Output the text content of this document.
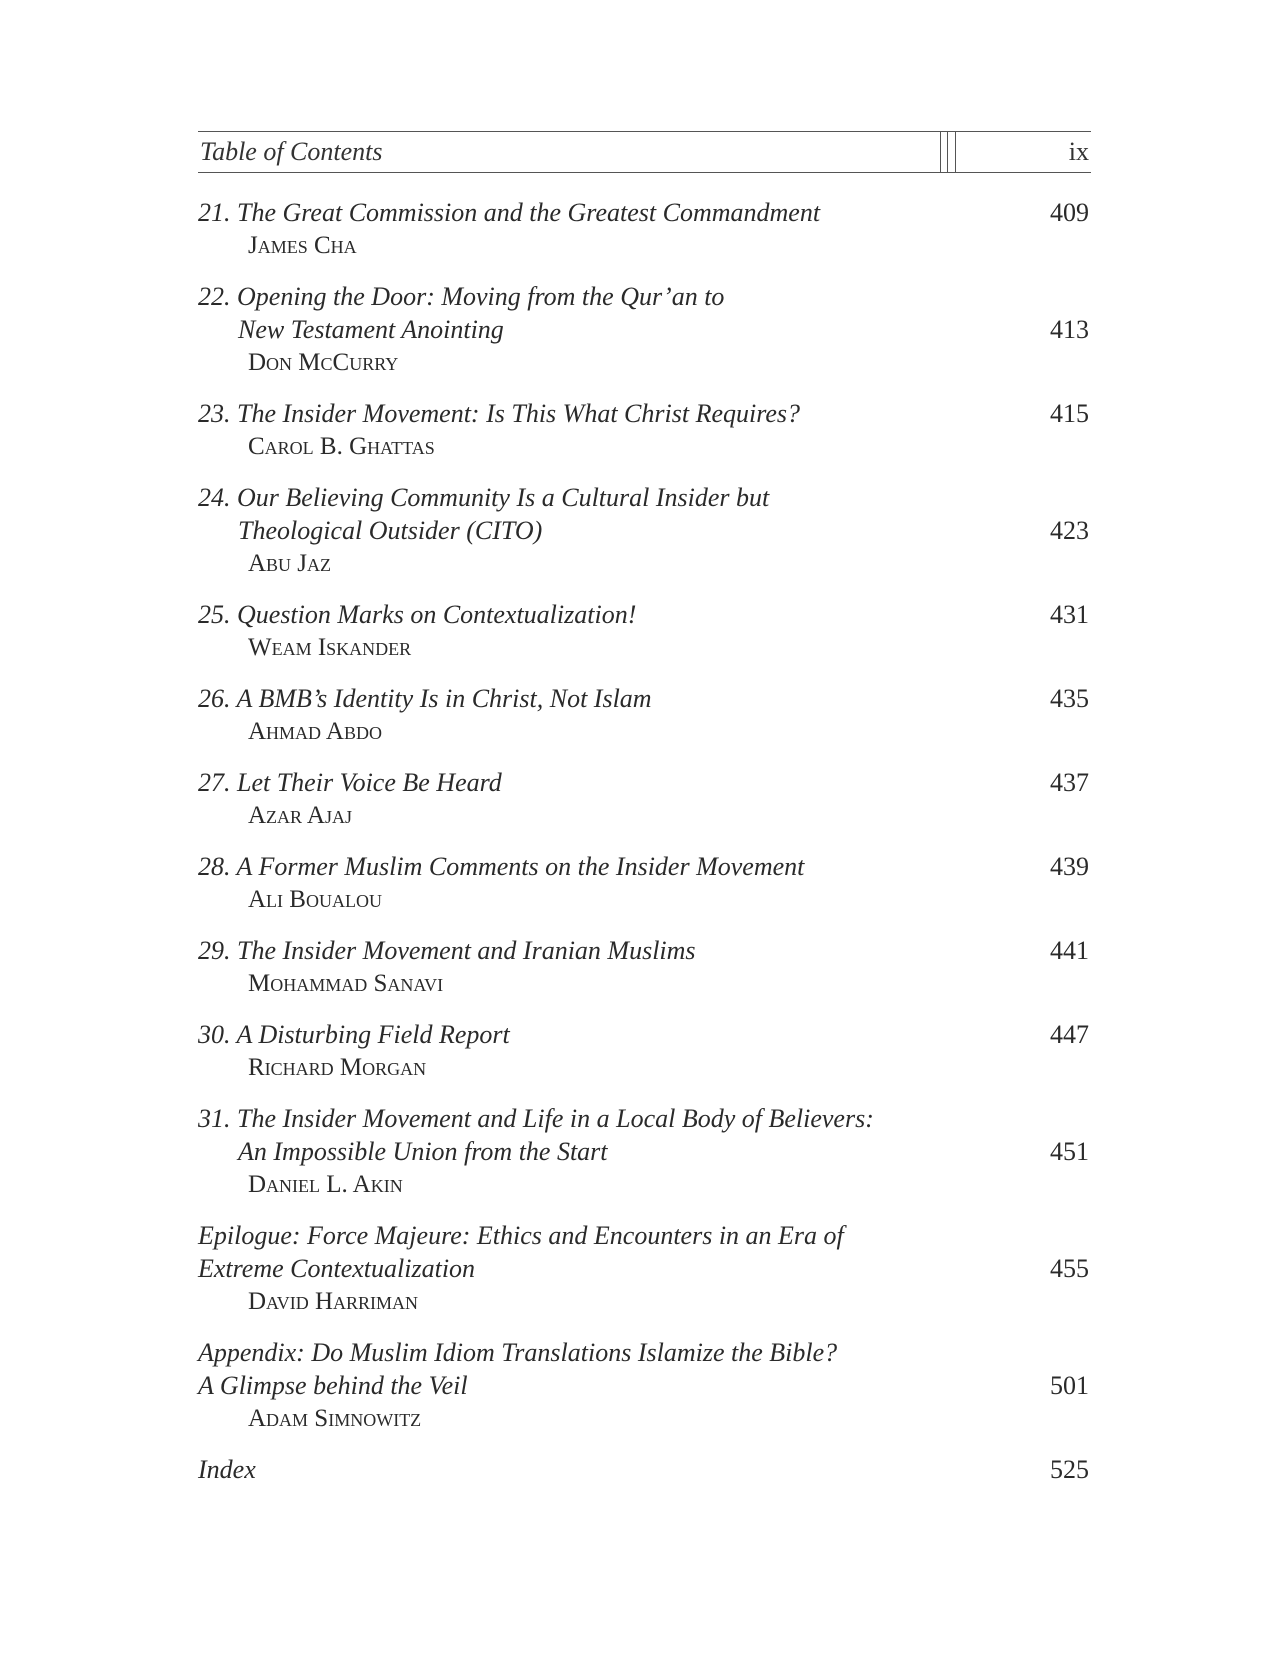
Table of Contents	ix
21. The Great Commission and the Greatest Commandment	409
James Cha
22. Opening the Door: Moving from the Qur’an to
New Testament Anointing	413
Don McCurry
23. The Insider Movement: Is This What Christ Requires?	415
Carol B. Ghattas
24. Our Believing Community Is a Cultural Insider but
Theological Outsider (CITO)	423
Abu Jaz
25. Question Marks on Contextualization!	431
Weam Iskander
26. A BMB’s Identity Is in Christ, Not Islam	435
Ahmad Abdo
27. Let Their Voice Be Heard	437
Azar Ajaj
28. A Former Muslim Comments on the Insider Movement	439
Ali Boualou
29. The Insider Movement and Iranian Muslims	441
Mohammad Sanavi
30. A Disturbing Field Report	447
Richard Morgan
31. The Insider Movement and Life in a Local Body of Believers:
An Impossible Union from the Start	451
Daniel L. Akin
Epilogue: Force Majeure: Ethics and Encounters in an Era of
Extreme Contextualization	455
David Harriman
Appendix: Do Muslim Idiom Translations Islamize the Bible?
A Glimpse behind the Veil	501
Adam Simnowitz
Index	525
